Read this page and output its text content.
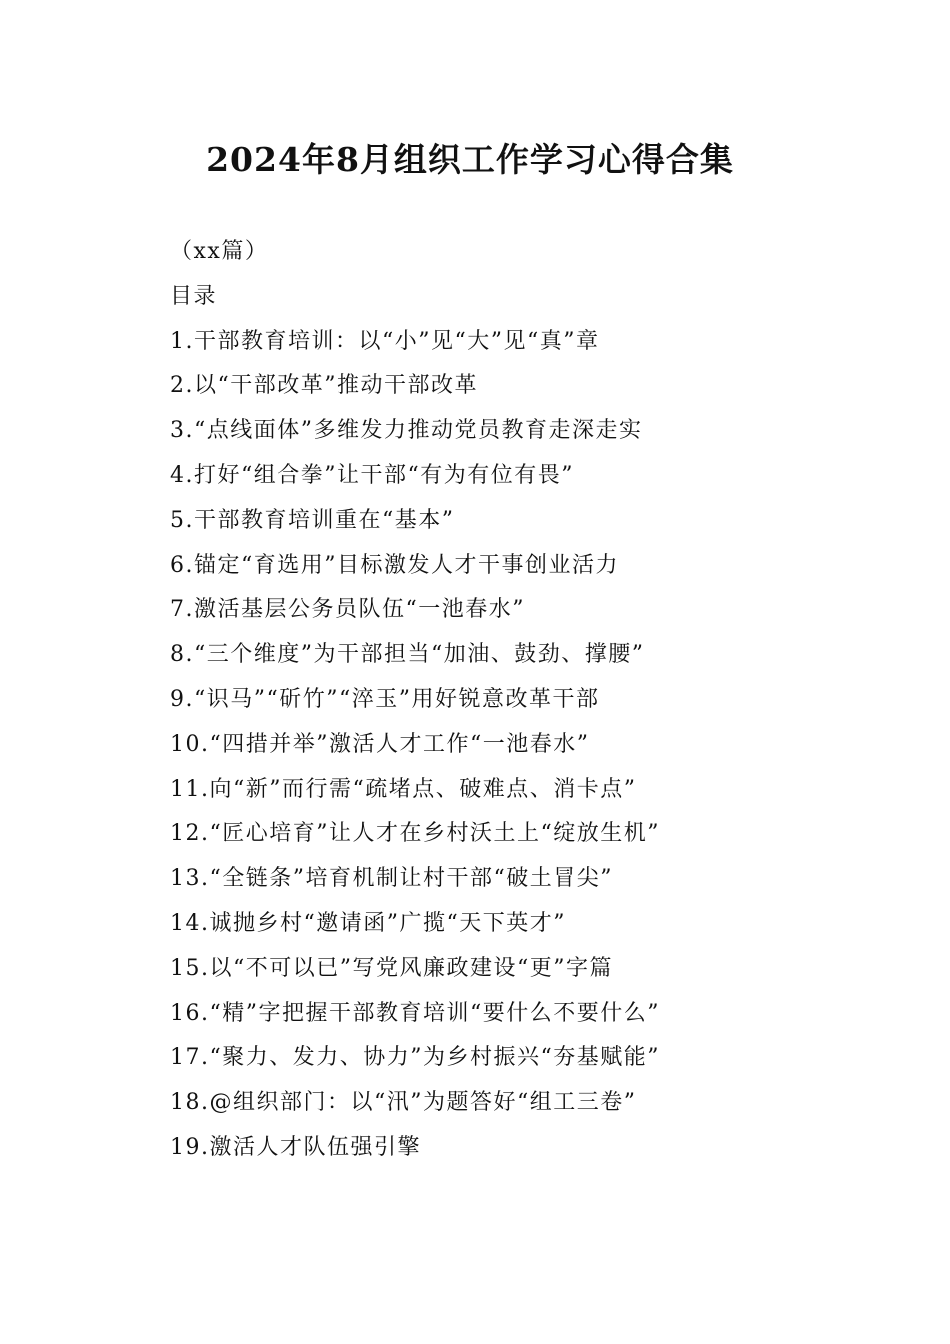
2024年8月组织工作学习心得合集
（xx篇）
目录
1.干部教育培训：以“小”见“大”见“真”章
2.以“干部改革”推动干部改革
3.“点线面体”多维发力推动党员教育走深走实
4.打好“组合拳”让干部“有为有位有畏”
5.干部教育培训重在“基本”
6.锚定“育选用”目标激发人才干事创业活力
7.激活基层公务员队伍“一池春水”
8.“三个维度”为干部担当“加油、鼓劲、撑腰”
9.“识马”“斫竹”“淬玉”用好锐意改革干部
10.“四措并举”激活人才工作“一池春水”
11.向“新”而行需“疏堵点、破难点、消卡点”
12.“匠心培育”让人才在乡村沃土上“绽放生机”
13.“全链条”培育机制让村干部“破土冒尖”
14.诚抛乡村“邀请函”广揽“天下英才”
15.以“不可以已”写党风廉政建设“更”字篇
16.“精”字把握干部教育培训“要什么不要什么”
17.“聚力、发力、协力”为乡村振兴“夯基赋能”
18.@组织部门：以“汛”为题答好“组工三卷”
19.激活人才队伍强引擎
